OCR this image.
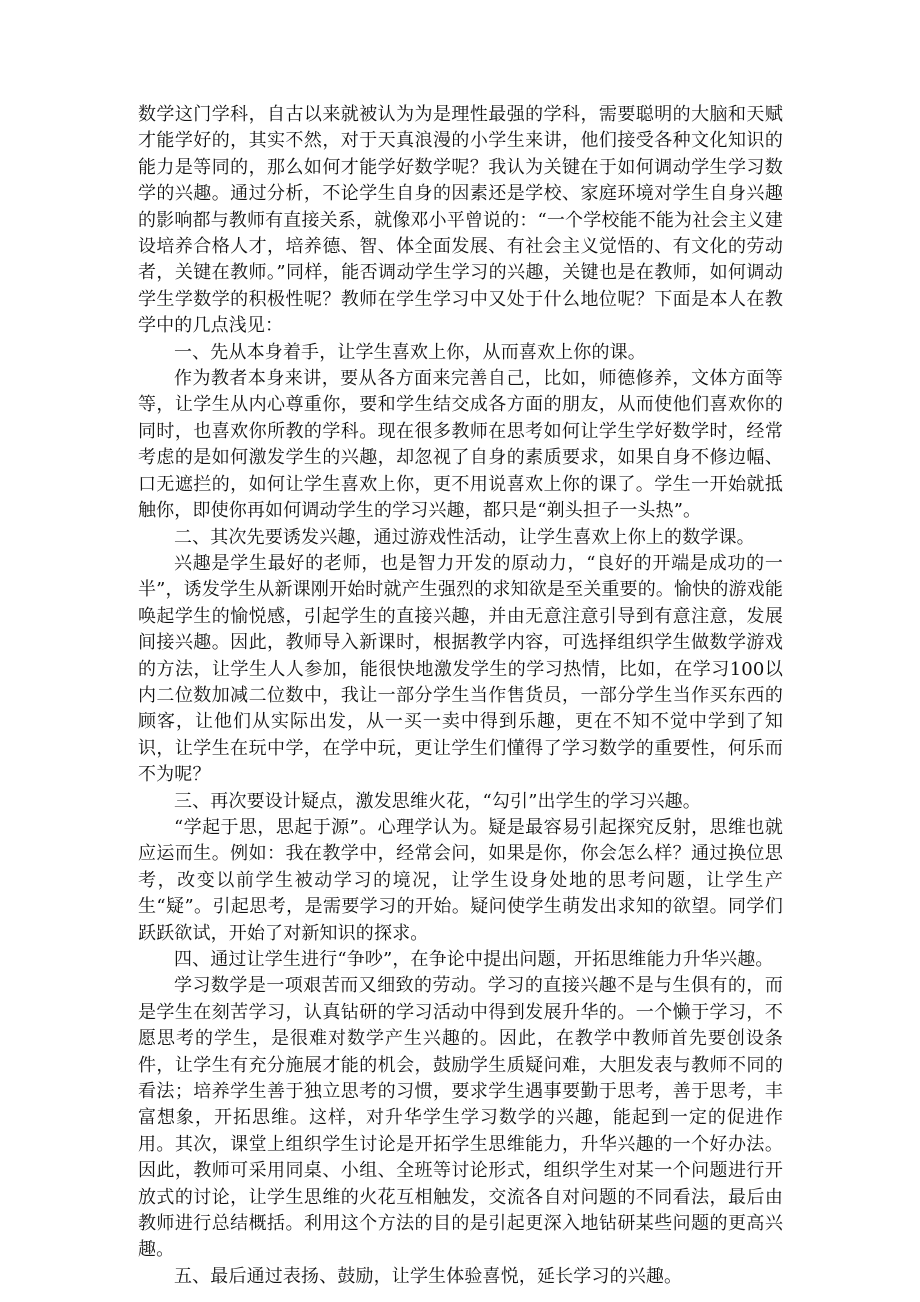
数学这门学科，自古以来就被认为为是理性最强的学科，需要聪明的大脑和天赋才能学好的，其实不然，对于天真浪漫的小学生来讲，他们接受各种文化知识的能力是等同的，那么如何才能学好数学呢？我认为关键在于如何调动学生学习数学的兴趣。通过分析，不论学生自身的因素还是学校、家庭环境对学生自身兴趣的影响都与教师有直接关系，就像邓小平曾说的：“一个学校能不能为社会主义建设培养合格人才，培养德、智、体全面发展、有社会主义觉悟的、有文化的劳动者，关键在教师。”同样，能否调动学生学习的兴趣，关键也是在教师，如何调动学生学数学的积极性呢？教师在学生学习中又处于什么地位呢？下面是本人在教学中的几点浅见：

一、先从本身着手，让学生喜欢上你，从而喜欢上你的课。

作为教者本身来讲，要从各方面来完善自己，比如，师德修养，文体方面等等，让学生从内心尊重你，要和学生结交成各方面的朋友，从而使他们喜欢你的同时，也喜欢你所教的学科。现在很多教师在思考如何让学生学好数学时，经常考虑的是如何激发学生的兴趣，却忽视了自身的素质要求，如果自身不修边幅、口无遮拦的，如何让学生喜欢上你，更不用说喜欢上你的课了。学生一开始就抵触你，即使你再如何调动学生的学习兴趣，都只是“剃头担子一头热”。

二、其次先要诱发兴趣，通过游戏性活动，让学生喜欢上你上的数学课。

兴趣是学生最好的老师，也是智力开发的原动力，“良好的开端是成功的一半”，诱发学生从新课刚开始时就产生强烈的求知欲是至关重要的。愉快的游戏能唤起学生的愉悦感，引起学生的直接兴趣，并由无意注意引导到有意注意，发展间接兴趣。因此，教师导入新课时，根据教学内容，可选择组织学生做数学游戏的方法，让学生人人参加，能很快地激发学生的学习热情，比如，在学习100以内二位数加减二位数中，我让一部分学生当作售货员，一部分学生当作买东西的顾客，让他们从实际出发，从一买一卖中得到乐趣，更在不知不觉中学到了知识，让学生在玩中学，在学中玩，更让学生们懂得了学习数学的重要性，何乐而不为呢？

三、再次要设计疑点，激发思维火花，“勾引”出学生的学习兴趣。

“学起于思，思起于源”。心理学认为。疑是最容易引起探究反射，思维也就应运而生。例如：我在教学中，经常会问，如果是你，你会怎么样？通过换位思考，改变以前学生被动学习的境况，让学生设身处地的思考问题，让学生产生“疑”。引起思考，是需要学习的开始。疑问使学生萌发出求知的欲望。同学们跃跃欲试，开始了对新知识的探求。

四、通过让学生进行“争吵”，在争论中提出问题，开拓思维能力升华兴趣。

学习数学是一项艰苦而又细致的劳动。学习的直接兴趣不是与生俱有的，而是学生在刻苦学习，认真钻研的学习活动中得到发展升华的。一个懒于学习，不愿思考的学生，是很难对数学产生兴趣的。因此，在教学中教师首先要创设条件，让学生有充分施展才能的机会，鼓励学生质疑问难，大胆发表与教师不同的看法；培养学生善于独立思考的习惯，要求学生遇事要勤于思考，善于思考，丰富想象，开拓思维。这样，对升华学生学习数学的兴趣，能起到一定的促进作用。其次，课堂上组织学生讨论是开拓学生思维能力，升华兴趣的一个好办法。因此，教师可采用同桌、小组、全班等讨论形式，组织学生对某一个问题进行开放式的讨论，让学生思维的火花互相触发，交流各自对问题的不同看法，最后由教师进行总结概括。利用这个方法的目的是引起更深入地钻研某些问题的更高兴趣。

五、最后通过表扬、鼓励，让学生体验喜悦，延长学习的兴趣。
